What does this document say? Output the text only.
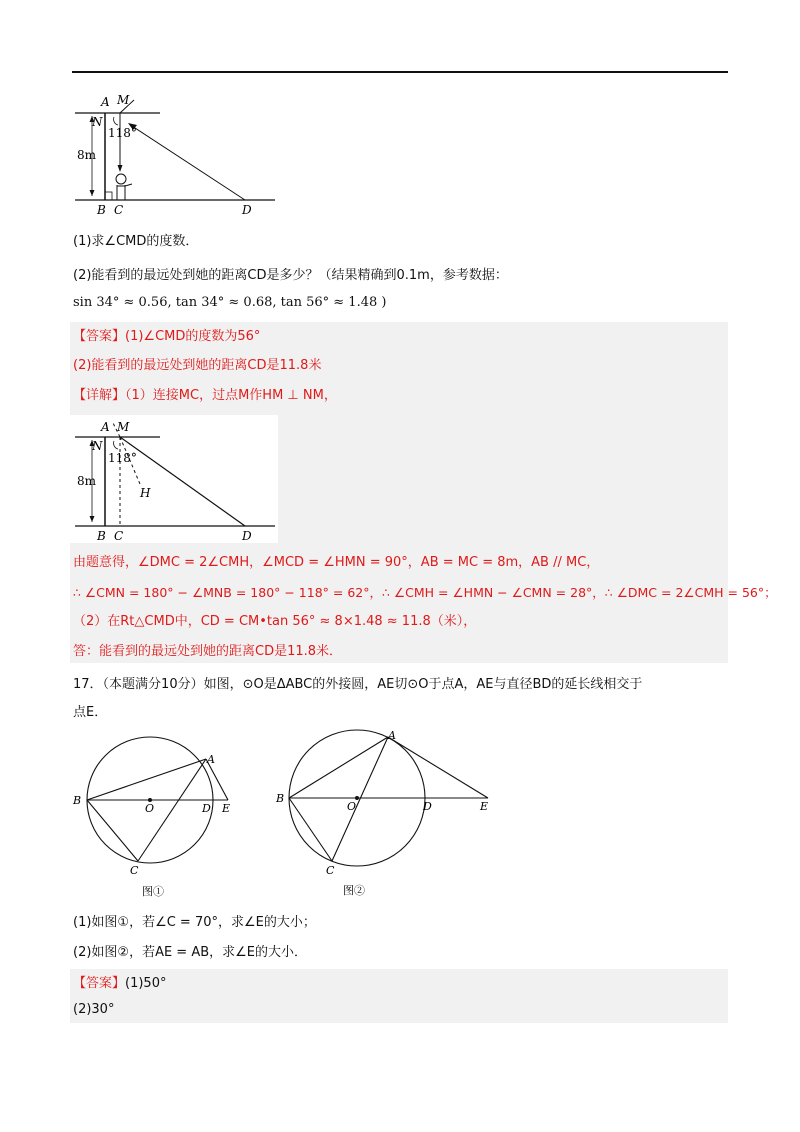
A M
N
118°
8m
B C	D
(1)求∠CMD的度数．
(2)能看到的最远处到她的距离CD是多少？（结果精确到0.1m，参考数据：
sin 34° ≈ 0.56, tan 34° ≈ 0.68, tan 56° ≈ 1.48 )
【答案】(1)∠CMD的度数为56°
(2)能看到的最远处到她的距离CD是11.8米
【详解】（1）连接MC，过点M作HM ⊥ NM，
A M
N
118°
8m
H
B C	D
由题意得，∠DMC = 2∠CMH，∠MCD = ∠HMN = 90°，AB = MC = 8m，AB // MC，
∴ ∠CMN = 180° − ∠MNB = 180° − 118° = 62°，∴ ∠CMH = ∠HMN − ∠CMN = 28°，∴ ∠DMC = 2∠CMH = 56°；
（2）在Rt△CMD中，CD = CM•tan 56° ≈ 8×1.48 ≈ 11.8（米），
答：能看到的最远处到她的距离CD是11.8米．
17．（本题满分10分）如图，⊙O是ΔABC的外接圆，AE切⊙O于点A，AE与直径BD的延长线相交于
点E．
A
B
O	D E
C
图①
A
B
O	D	E
C
图②
(1)如图①，若∠C = 70°，求∠E的大小；
(2)如图②，若AE = AB，求∠E的大小．
【答案】(1)50°
(2)30°
